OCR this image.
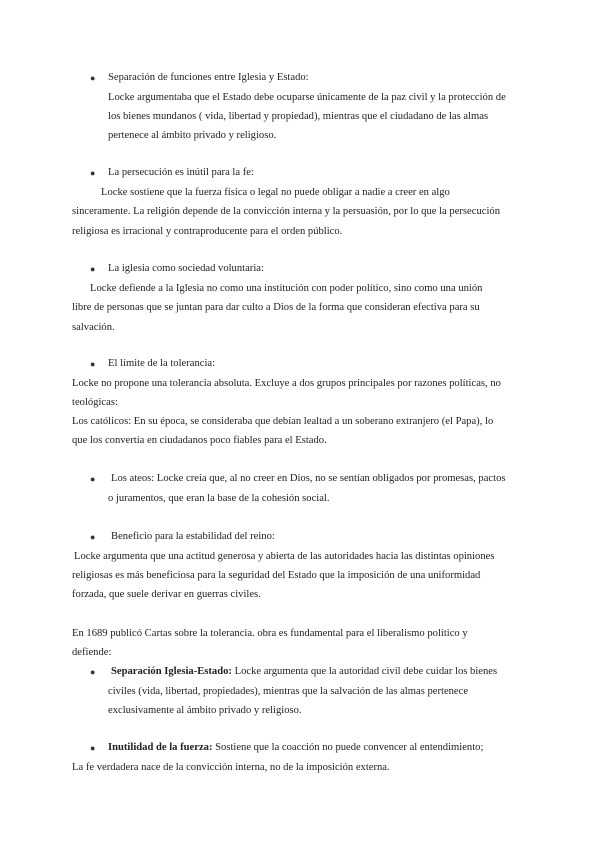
● Separación de funciones entre Iglesia y Estado:
Locke argumentaba que el Estado debe ocuparse únicamente de la paz civil y la protección de
los bienes mundanos ( vida, libertad y propiedad), mientras que el ciudadano de las almas
pertenece al ámbito privado y religioso.
● La persecución es inútil para la fe:
Locke sostiene que la fuerza física o legal no puede obligar a nadie a creer en algo
sinceramente. La religión depende de la convicción interna y la persuasión, por lo que la persecución
religiosa es irracional y contraproducente para el orden público.
● La iglesia como sociedad voluntaria:
Locke defiende a la Iglesia no como una institución con poder político, sino como una unión
libre de personas que se juntan para dar culto a Dios de la forma que consideran efectiva para su
salvación.
● El límite de la tolerancia:
Locke no propone una tolerancia absoluta. Excluye a dos grupos principales por razones políticas, no
teológicas:
Los católicos: En su época, se consideraba que debían lealtad a un soberano extranjero (el Papa), lo
que los convertía en ciudadanos poco fiables para el Estado.
● Los ateos: Locke creía que, al no creer en Dios, no se sentían obligados por promesas, pactos
o juramentos, que eran la base de la cohesión social.
● Beneficio para la estabilidad del reino:
Locke argumenta que una actitud generosa y abierta de las autoridades hacia las distintas opiniones
religiosas es más beneficiosa para la seguridad del Estado que la imposición de una uniformidad
forzada, que suele derivar en guerras civiles.
En 1689 publicó Cartas sobre la tolerancia. obra es fundamental para el liberalismo político y
defiende:
● Separación Iglesia-Estado: Locke argumenta que la autoridad civil debe cuidar los bienes
civiles (vida, libertad, propiedades), mientras que la salvación de las almas pertenece
exclusivamente al ámbito privado y religioso.
● Inutilidad de la fuerza: Sostiene que la coacción no puede convencer al entendimiento;
La fe verdadera nace de la convicción interna, no de la imposición externa.
